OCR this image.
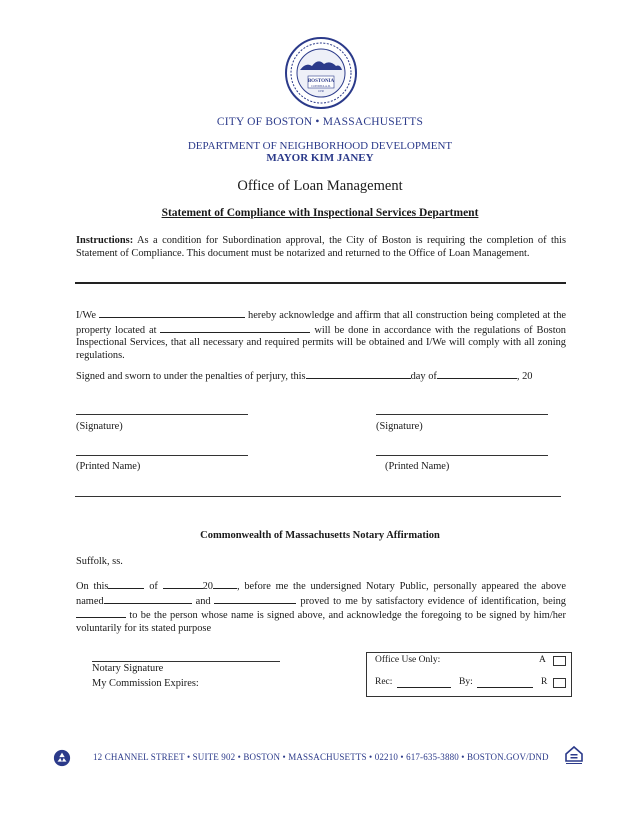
BOSTONIA
CONDITA A.D.
1630
CITY OF BOSTON • MASSACHUSETTS
DEPARTMENT OF NEIGHBORHOOD DEVELOPMENT
MAYOR KIM JANEY
Office of Loan Management
Statement of Compliance with Inspectional Services Department
Instructions: As a condition for Subordination approval, the City of Boston is requiring the completion of this Statement of Compliance. This document must be notarized and returned to the Office of Loan Management.
I/We	hereby acknowledge and affirm that all construction being completed at the property located at	will be done in accordance with the regulations of Boston Inspectional Services, that all necessary and required permits will be obtained and I/We will comply with all zoning regulations.
Signed and sworn to under the penalties of perjury, this	day of	, 20
(Signature)	(Signature)
(Printed Name)	(Printed Name)
Commonwealth of Massachusetts Notary Affirmation
Suffolk, ss.
On this	of	20 , before me the undersigned Notary Public, personally appeared the above named	and	proved to me by satisfactory evidence of identification, being  to be the person whose name is signed above, and acknowledge the foregoing to be signed by him/her voluntarily for its stated purpose
Notary Signature
My Commission Expires:
Office Use Only:	A
Rec:	By:	R
12 CHANNEL STREET • SUITE 902 • BOSTON • MASSACHUSETTS • 02210 • 617-635-3880 • BOSTON.GOV/DND
